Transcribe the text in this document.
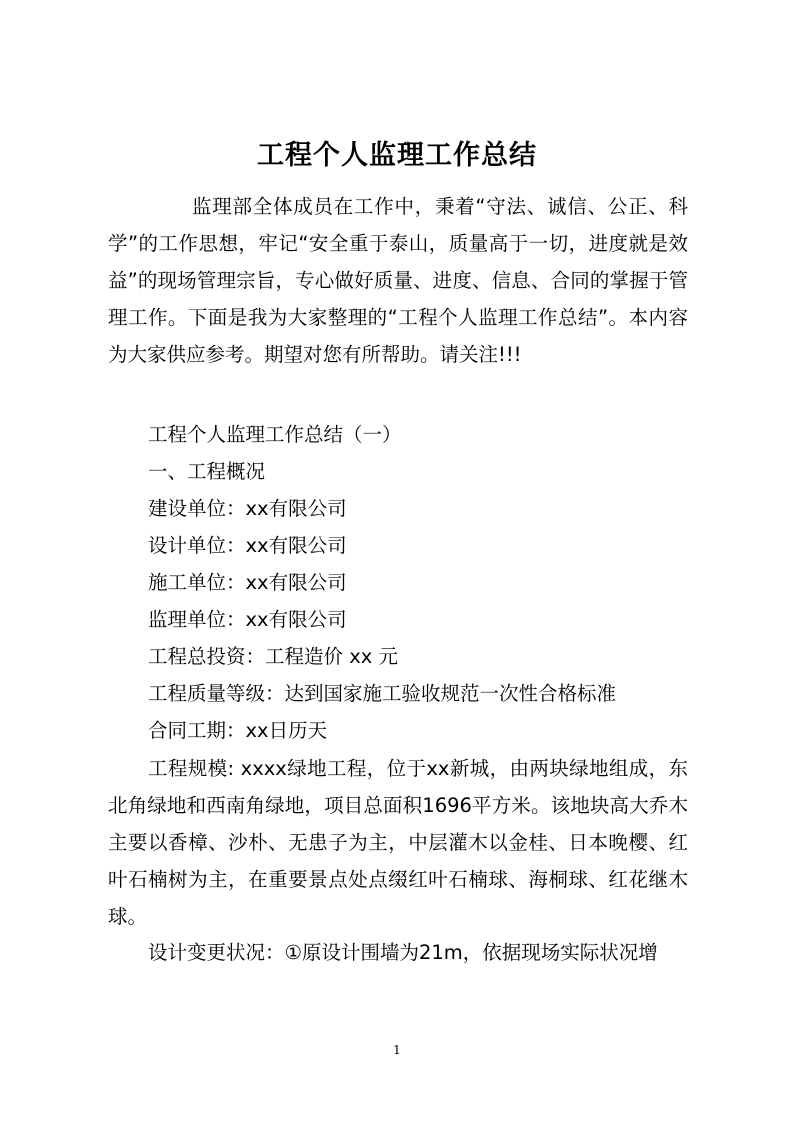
工程个人监理工作总结

监理部全体成员在工作中，秉着“守法、诚信、公正、科学”的工作思想，牢记“安全重于泰山，质量高于一切，进度就是效益”的现场管理宗旨，专心做好质量、进度、信息、合同的掌握于管理工作。下面是我为大家整理的“工程个人监理工作总结”。本内容为大家供应参考。期望对您有所帮助。请关注!!!

工程个人监理工作总结（一）
一、工程概况
建设单位：xx有限公司
设计单位：xx有限公司
施工单位：xx有限公司
监理单位：xx有限公司
工程总投资：工程造价 xx 元
工程质量等级：达到国家施工验收规范一次性合格标准
合同工期：xx日历天

工程规模: xxxx绿地工程，位于xx新城，由两块绿地组成，东北角绿地和西南角绿地，项目总面积1696平方米。该地块高大乔木主要以香樟、沙朴、无患子为主，中层灌木以金桂、日本晚樱、红叶石楠树为主，在重要景点处点缀红叶石楠球、海桐球、红花继木球。

设计变更状况：①原设计围墙为21m，依据现场实际状况增

1
